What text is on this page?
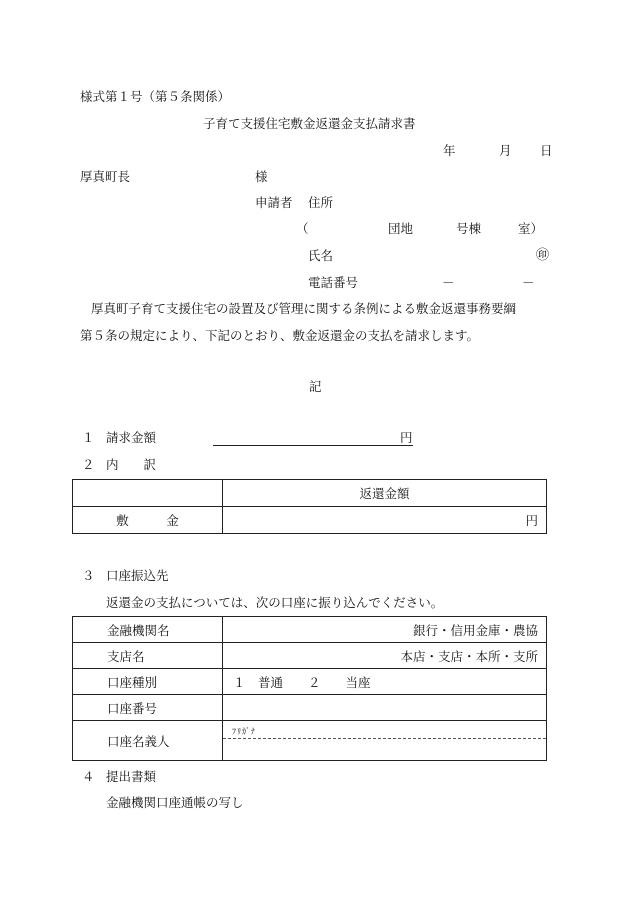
様式第１号（第５条関係）
子育て支援住宅敷金返還金支払請求書
年	月 日
厚真町長	様
申請者 住所
（	団地	号棟	室）
氏名	㊞
電話番号	－	－
厚真町子育て支援住宅の設置及び管理に関する条例による敷金返還事務要綱
第５条の規定により、下記のとおり、敷金返還金の支払を請求します。
記
１ 請求金額	円
２ 内　　訳
	返還金額
敷　　　金	円
３ 口座振込先
返還金の支払については、次の口座に振り込んでください。
金融機関名	銀行・信用金庫・農協
支店名	本店・支店・本所・支所
口座種別	１　普通　　２　　当座
口座番号	
口座名義人	ﾌﾘｶﾞﾅ
４ 提出書類
金融機関口座通帳の写し
